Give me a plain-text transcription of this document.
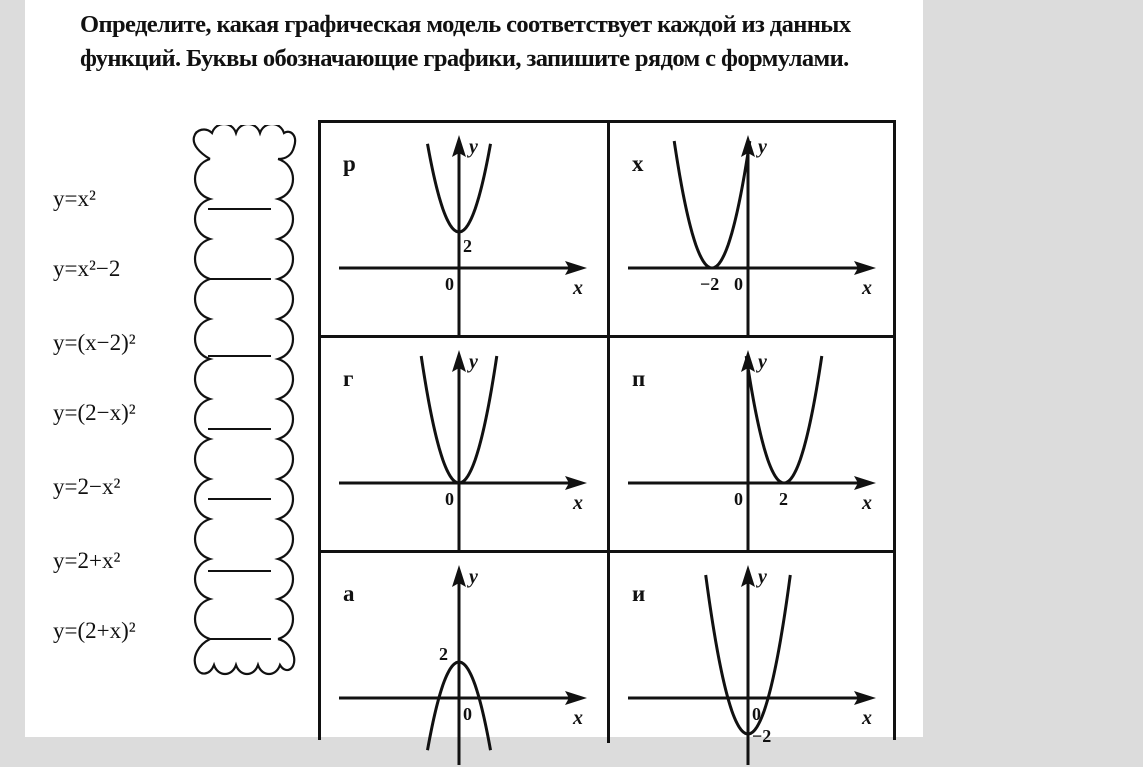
Определите, какая графическая модель соответствует каждой из данных
функций. Буквы обозначающие графики, запишите рядом с формулами.

y=x²
y=x²−2
y=(x−2)²
y=(2−x)²
y=2−x²
y=2+x²
y=(2+x)²
р
x
y
0
2
х
x
y
−2 0
г
x
y
0
п
x
y
0 2
а
x
y
2
0
и
x
y
0
−2
